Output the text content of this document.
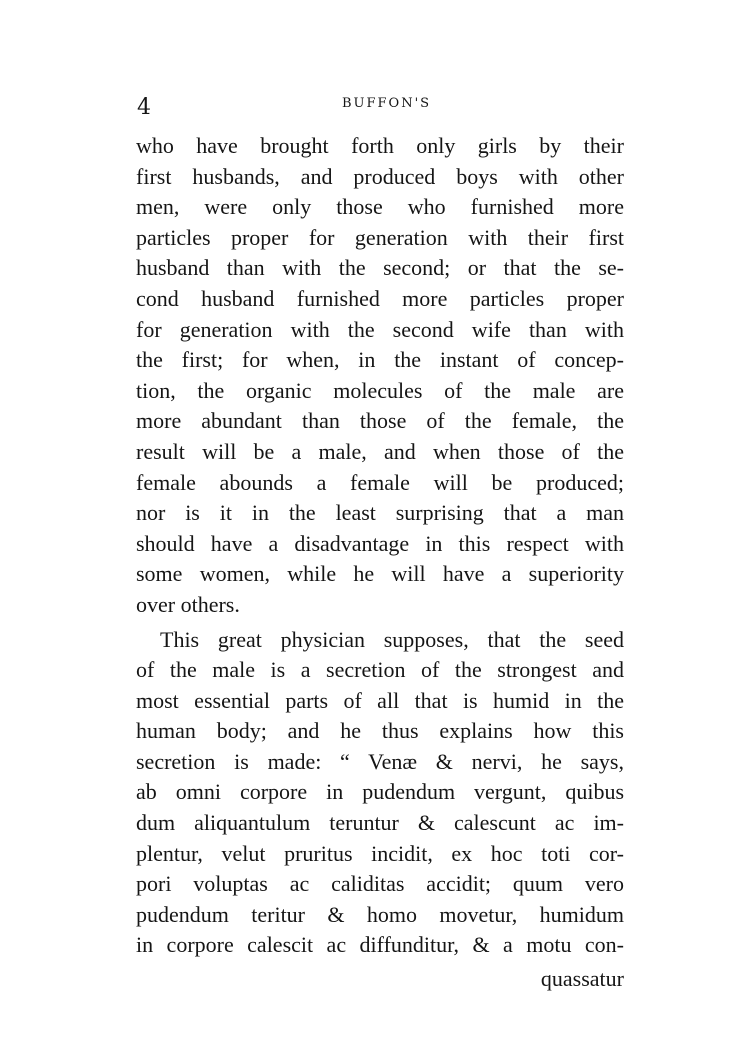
4	BUFFON'S
who have brought forth only girls by their
first husbands, and produced boys with other
men, were only those who furnished more
particles proper for generation with their first
husband than with the second; or that the se-
cond husband furnished more particles proper
for generation with the second wife than with
the first; for when, in the instant of concep-
tion, the organic molecules of the male are
more abundant than those of the female, the
result will be a male, and when those of the
female abounds a female will be produced;
nor is it in the least surprising that a man
should have a disadvantage in this respect with
some women, while he will have a superiority
over others.
This great physician supposes, that the seed
of the male is a secretion of the strongest and
most essential parts of all that is humid in the
human body; and he thus explains how this
secretion is made: “ Venæ & nervi, he says,
ab omni corpore in pudendum vergunt, quibus
dum aliquantulum teruntur & calescunt ac im-
plentur, velut pruritus incidit, ex hoc toti cor-
pori voluptas ac caliditas accidit; quum vero
pudendum teritur & homo movetur, humidum
in corpore calescit ac diffunditur, & a motu con-
quassatur
